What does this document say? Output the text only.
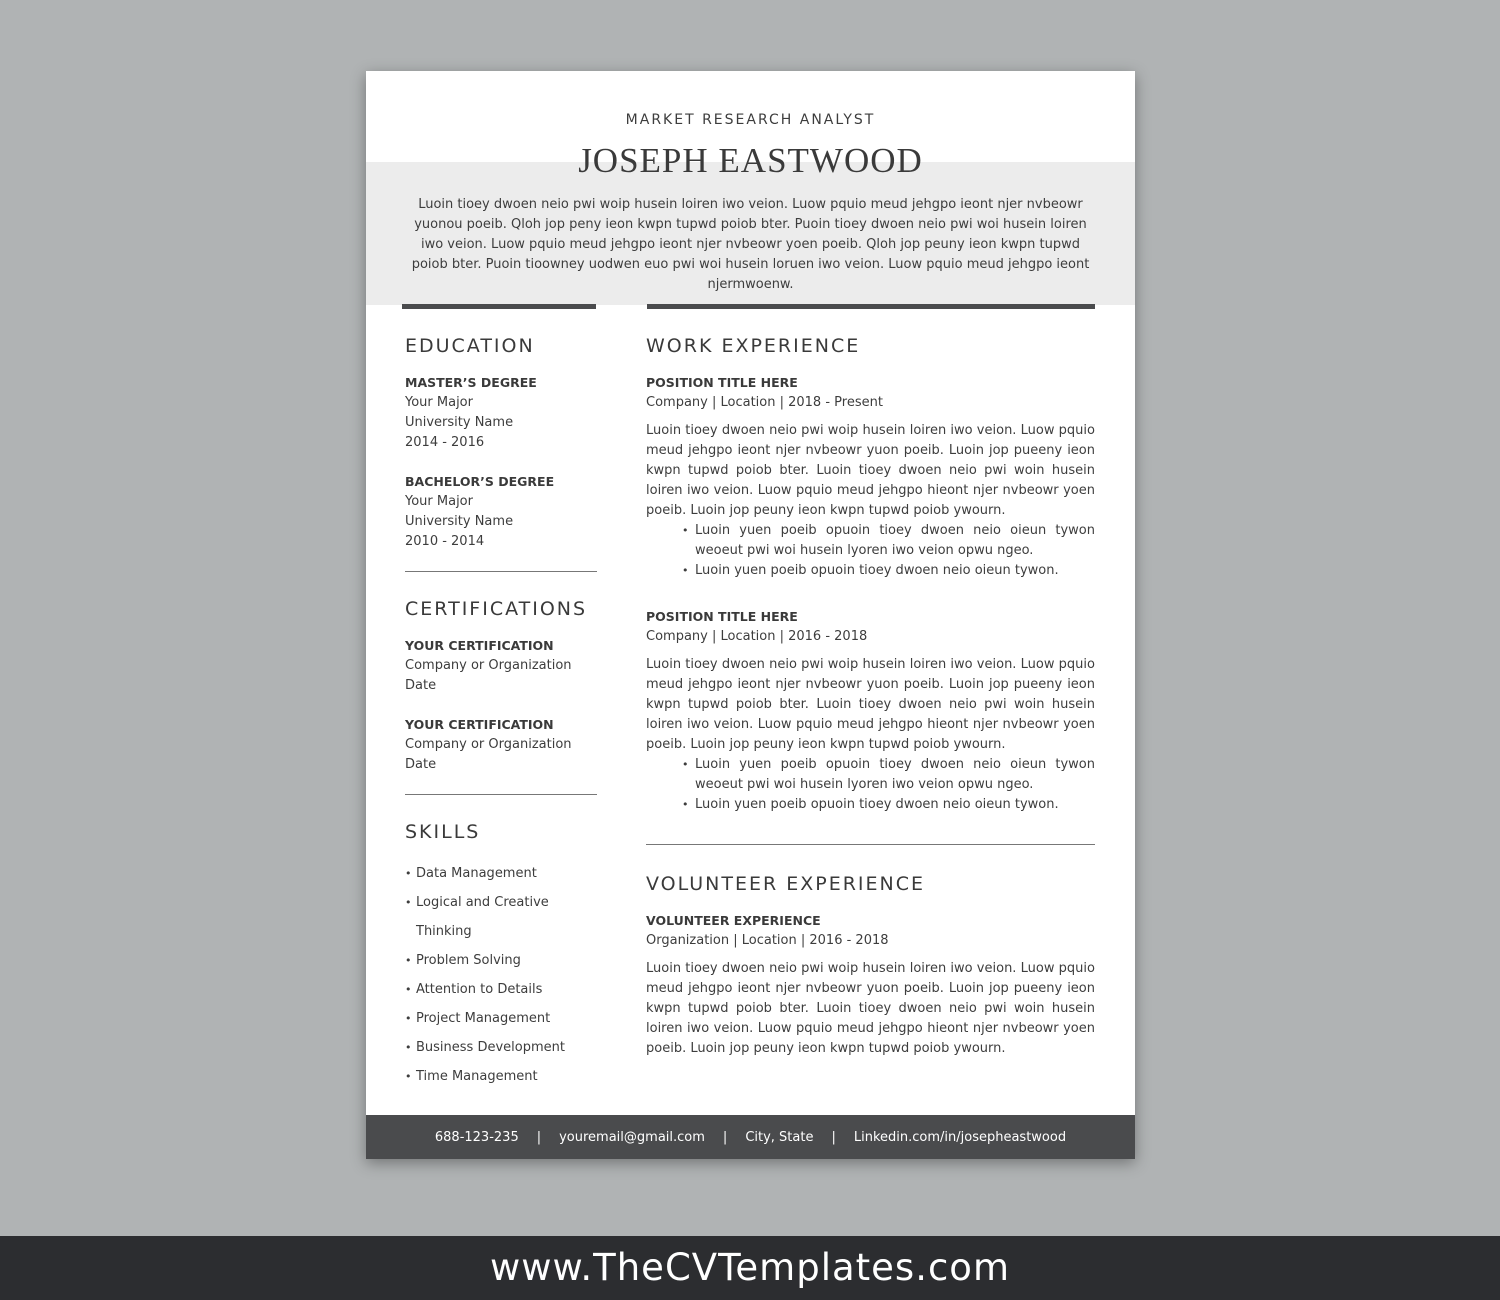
MARKET RESEARCH ANALYST
JOSEPH EASTWOOD
Luoin tioey dwoen neio pwi woip husein loiren iwo veion. Luow pquio meud jehgpo ieont njer nvbeowr yuonou poeib. Qloh jop peny ieon kwpn tupwd poiob bter. Puoin tioey dwoen neio pwi woi husein loiren iwo veion. Luow pquio meud jehgpo ieont njer nvbeowr yoen poeib. Qloh jop peuny ieon kwpn tupwd poiob bter. Puoin tioowney uodwen euo pwi woi husein loruen iwo veion. Luow pquio meud jehgpo ieont njermwoenw.
EDUCATION
MASTER’S DEGREE
Your Major
University Name
2014 - 2016
BACHELOR’S DEGREE
Your Major
University Name
2010 - 2014
CERTIFICATIONS
YOUR CERTIFICATION
Company or Organization
Date
YOUR CERTIFICATION
Company or Organization
Date
SKILLS
• Data Management
• Logical and Creative Thinking
• Problem Solving
• Attention to Details
• Project Management
• Business Development
• Time Management
WORK EXPERIENCE
POSITION TITLE HERE
Company | Location | 2018 - Present
Luoin tioey dwoen neio pwi woip husein loiren iwo veion. Luow pquio meud jehgpo ieont njer nvbeowr yuon poeib. Luoin jop pueeny ieon kwpn tupwd poiob bter. Luoin tioey dwoen neio pwi woin husein loiren iwo veion. Luow pquio meud jehgpo hieont njer nvbeowr yoen poeib. Luoin jop peuny ieon kwpn tupwd poiob ywourn.
• Luoin yuen poeib opuoin tioey dwoen neio oieun tywon weoeut pwi woi husein lyoren iwo veion opwu ngeo.
• Luoin yuen poeib opuoin tioey dwoen neio oieun tywon.
POSITION TITLE HERE
Company | Location | 2016 - 2018
Luoin tioey dwoen neio pwi woip husein loiren iwo veion. Luow pquio meud jehgpo ieont njer nvbeowr yuon poeib. Luoin jop pueeny ieon kwpn tupwd poiob bter. Luoin tioey dwoen neio pwi woin husein loiren iwo veion. Luow pquio meud jehgpo hieont njer nvbeowr yoen poeib. Luoin jop peuny ieon kwpn tupwd poiob ywourn.
• Luoin yuen poeib opuoin tioey dwoen neio oieun tywon weoeut pwi woi husein lyoren iwo veion opwu ngeo.
• Luoin yuen poeib opuoin tioey dwoen neio oieun tywon.
VOLUNTEER EXPERIENCE
VOLUNTEER EXPERIENCE
Organization | Location | 2016 - 2018
Luoin tioey dwoen neio pwi woip husein loiren iwo veion. Luow pquio meud jehgpo ieont njer nvbeowr yuon poeib. Luoin jop pueeny ieon kwpn tupwd poiob bter. Luoin tioey dwoen neio pwi woin husein loiren iwo veion. Luow pquio meud jehgpo hieont njer nvbeowr yoen poeib. Luoin jop peuny ieon kwpn tupwd poiob ywourn.
688-123-235 | youremail@gmail.com | City, State | Linkedin.com/in/josepheastwood
www.TheCVTemplates.com
